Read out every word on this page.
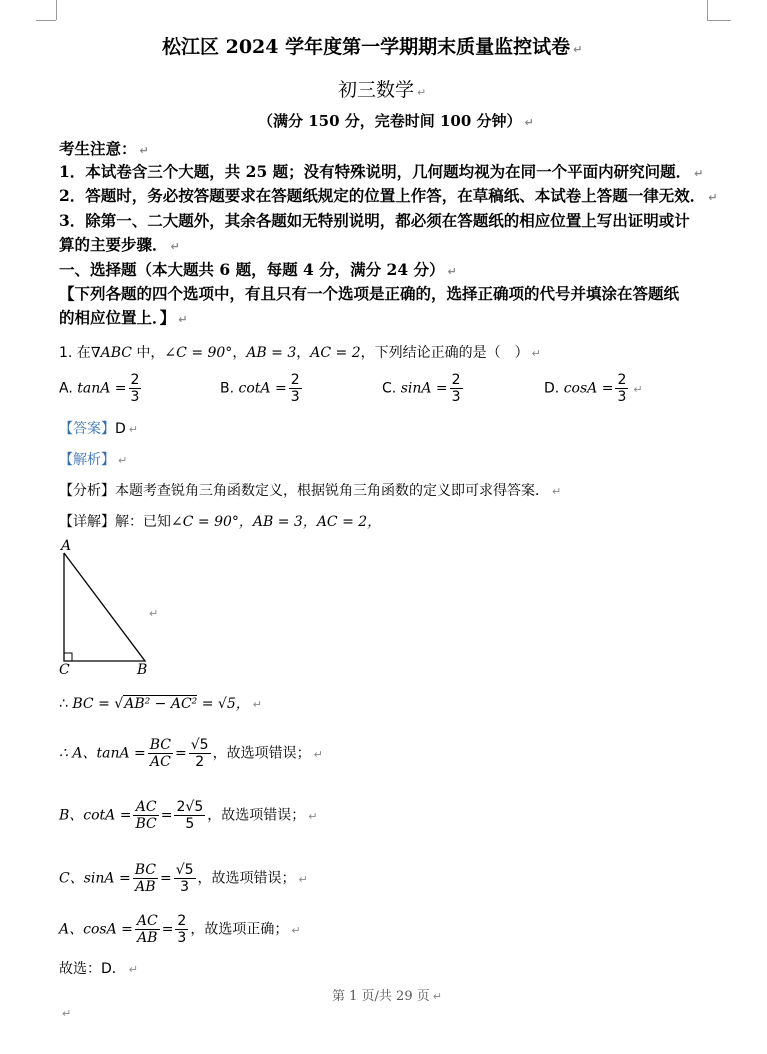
松江区 2024 学年度第一学期期末质量监控试卷 ↵
初三数学 ↵
（满分 150 分，完卷时间 100 分钟） ↵
考生注意： ↵
1．本试卷含三个大题，共 25 题；没有特殊说明，几何题均视为在同一个平面内研究问题． ↵
2．答题时，务必按答题要求在答题纸规定的位置上作答，在草稿纸、本试卷上答题一律无效． ↵
3．除第一、二大题外，其余各题如无特别说明，都必须在答题纸的相应位置上写出证明或计
算的主要步骤． ↵
一、选择题（本大题共 6 题，每题 4 分，满分 24 分） ↵
【下列各题的四个选项中，有且只有一个选项是正确的，选择正确项的代号并填涂在答题纸
的相应位置上．】 ↵
1. 在∇ABC 中，∠C = 90°，AB = 3，AC = 2，下列结论正确的是（　） ↵
A. $\tan A = \frac{2}{3}$	B. $\cot A = \frac{2}{3}$	C. $\sin A = \frac{2}{3}$	D. $\cos A = \frac{2}{3}$ ↵
【答案】D ↵
【解析】 ↵
【分析】本题考查锐角三角函数定义，根据锐角三角函数的定义即可求得答案． ↵
【详解】解：已知∠C = 90°，AB = 3，AC = 2，
A
C	B
↵
∴ BC = √AB² − AC² = √5， ↵
∴ A、$\tan A = \frac{BC}{AC} = \frac{√5}{2}$ ，故选项错误； ↵
B、$\cot A = \frac{AC}{BC} = \frac{2√5}{5}$ ，故选项错误； ↵
C、$\sin A = \frac{BC}{AB} = \frac{√5}{3}$ ，故选项错误； ↵
A、$\cos A = \frac{AC}{AB} = \frac{2}{3}$ ，故选项正确； ↵
故选：D． ↵
第 1 页/共 29 页 ↵
↵
